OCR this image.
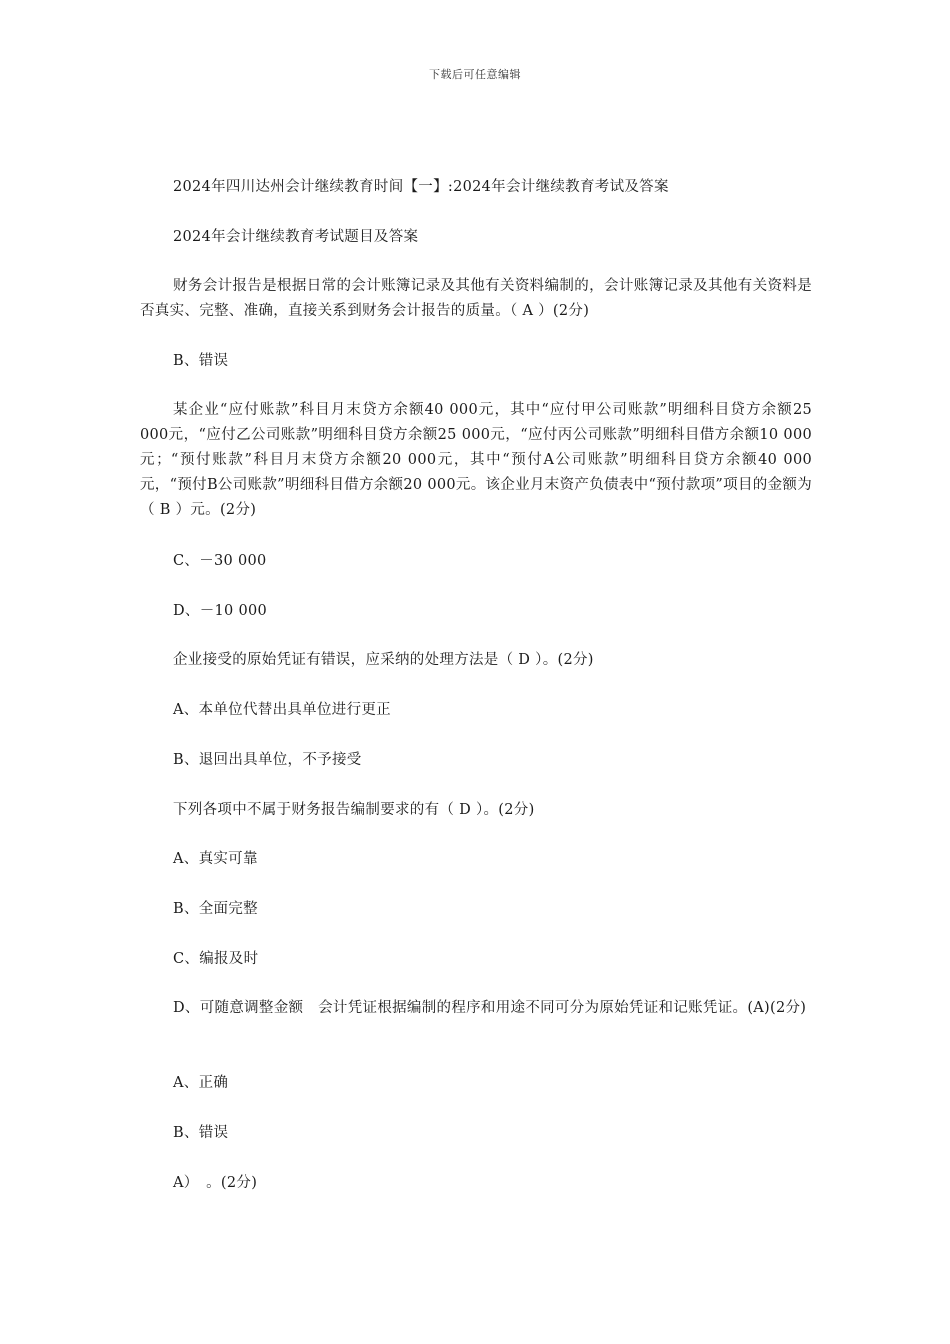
下载后可任意编辑
2024年四川达州会计继续教育时间【一】:2024年会计继续教育考试及答案
2024年会计继续教育考试题目及答案
财务会计报告是根据日常的会计账簿记录及其他有关资料编制的，会计账簿记录及其他有关资料是否真实、完整、准确，直接关系到财务会计报告的质量。（ A ）(2分)
B、错误
某企业“应付账款”科目月末贷方余额40 000元，其中“应付甲公司账款”明细科目贷方余额25 000元，“应付乙公司账款”明细科目贷方余额25 000元，“应付丙公司账款”明细科目借方余额10 000元；“预付账款”科目月末贷方余额20 000元，其中“预付A公司账款”明细科目贷方余额40 000元，“预付B公司账款”明细科目借方余额20 000元。该企业月末资产负债表中“预付款项”项目的金额为（ B ）元。(2分)
C、－30 000
D、－10 000
企业接受的原始凭证有错误，应采纳的处理方法是（ D ）。(2分)
A、本单位代替出具单位进行更正
B、退回出具单位，不予接受
下列各项中不属于财务报告编制要求的有（ D ）。(2分)
A、真实可靠
B、全面完整
C、编报及时
D、可随意调整金额　会计凭证根据编制的程序和用途不同可分为原始凭证和记账凭证。(A)(2分)
A、正确
B、错误
A）　。(2分)
